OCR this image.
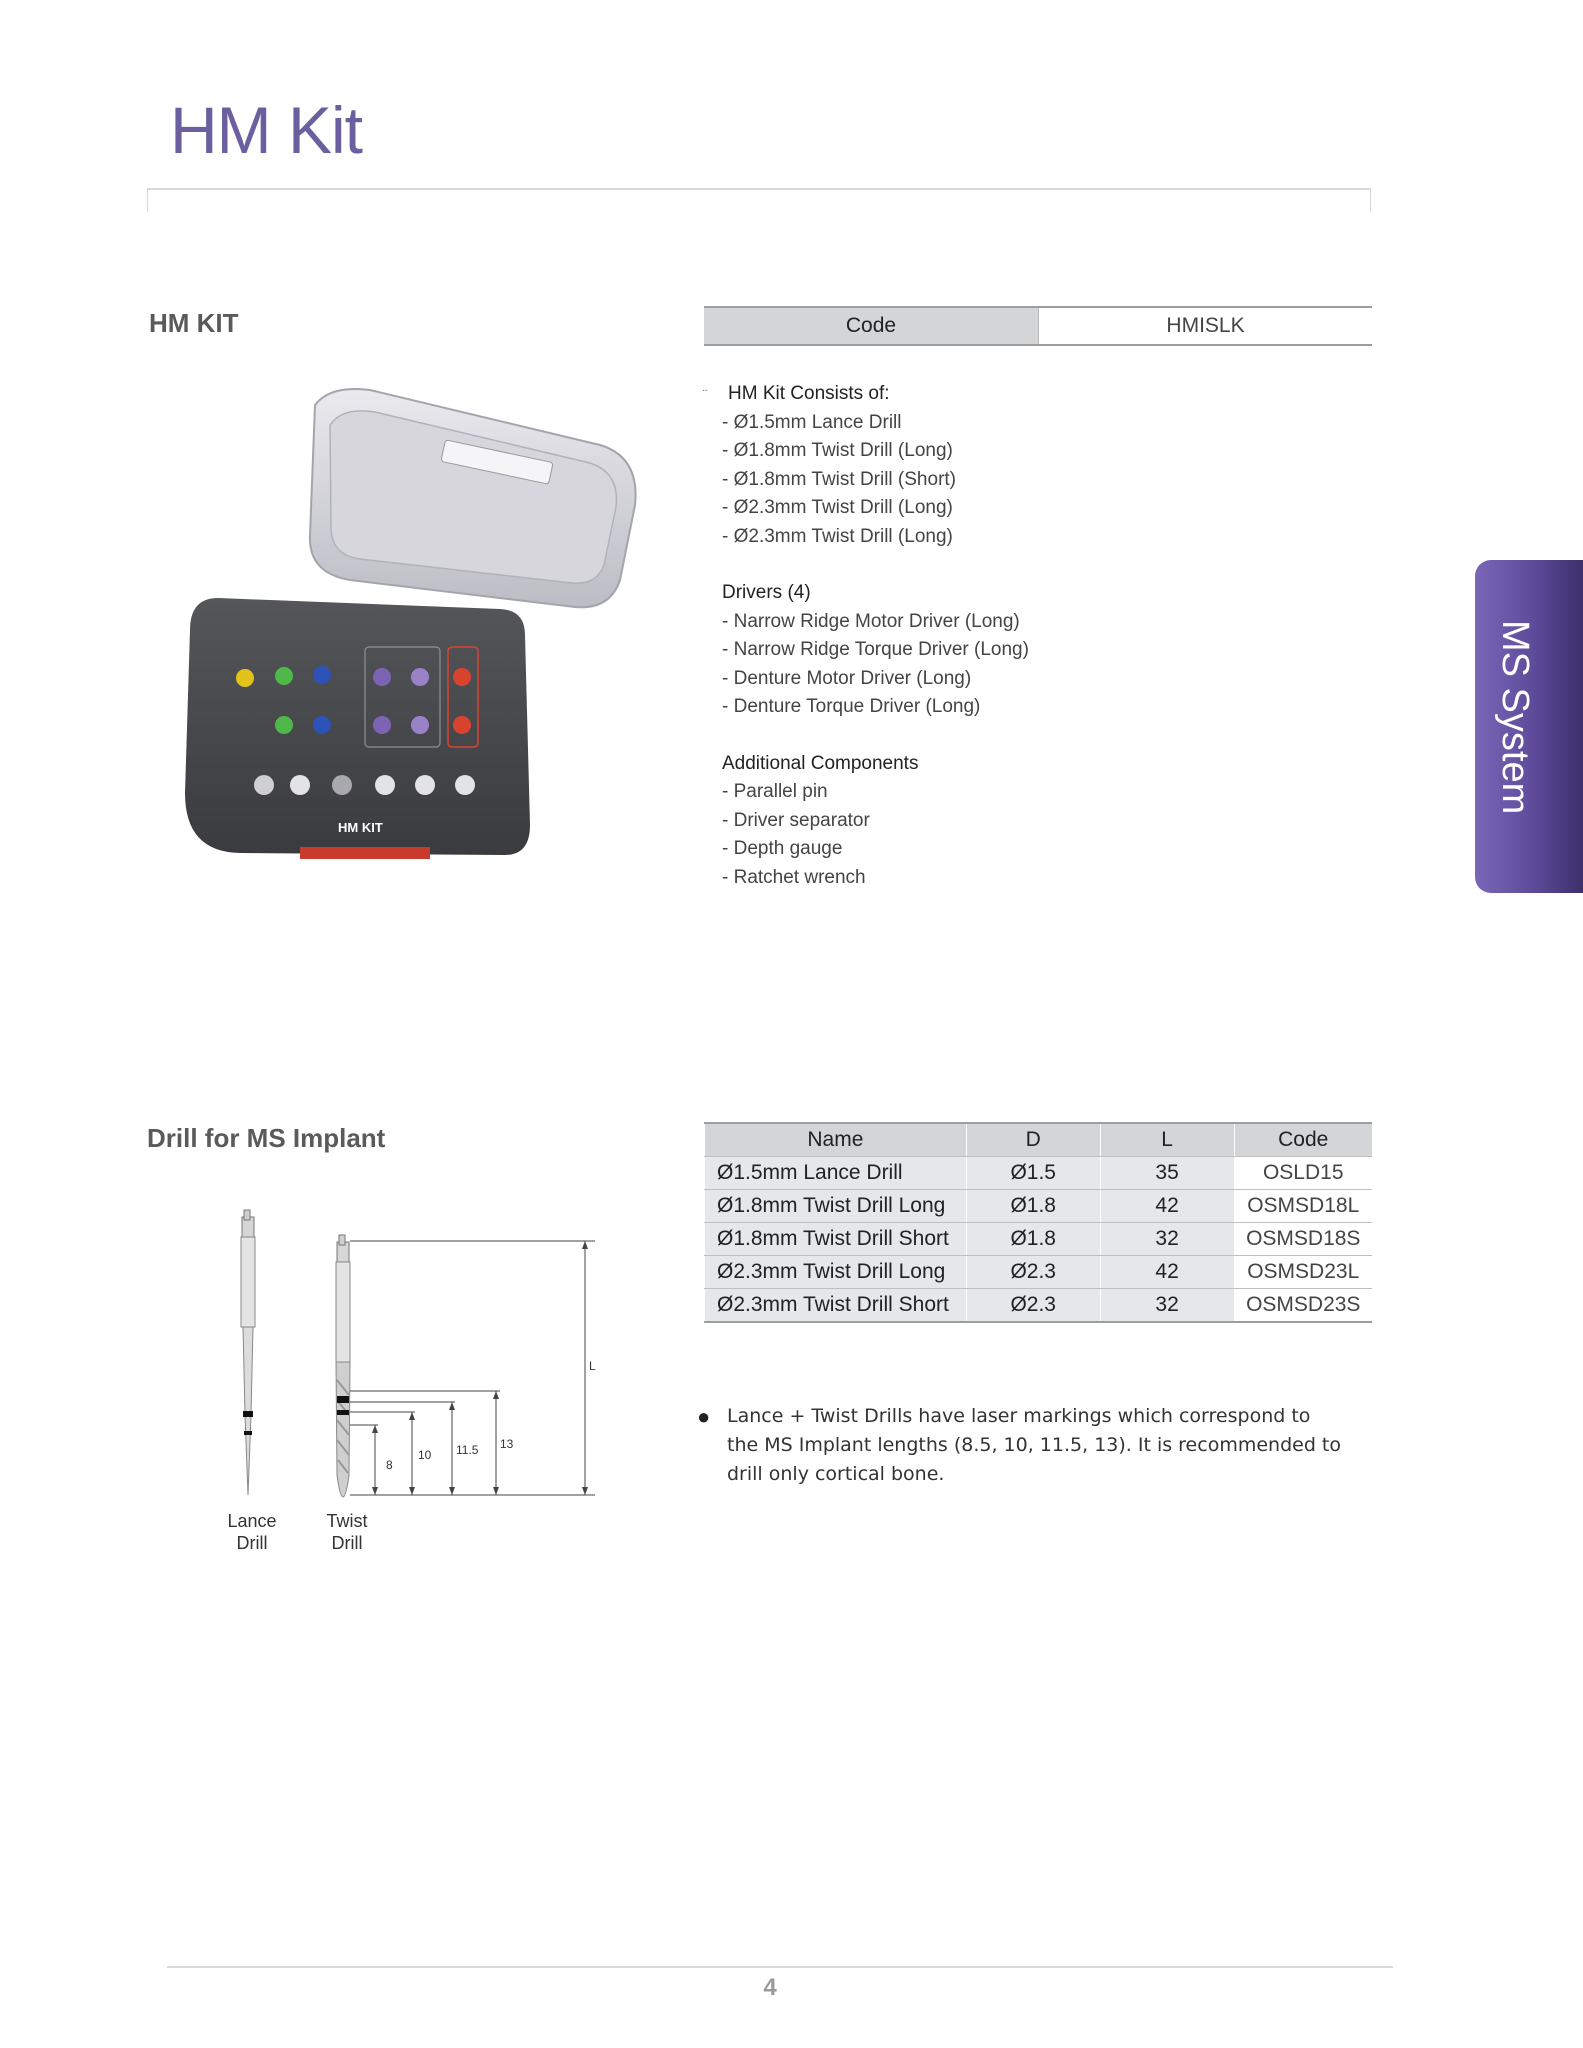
HM Kit
HM KIT	Code	HMISLK
¨	HM Kit Consists of:
- Ø1.5mm Lance Drill
- Ø1.8mm Twist Drill (Long)
- Ø1.8mm Twist Drill (Short)
- Ø2.3mm Twist Drill (Long)
- Ø2.3mm Twist Drill (Long)
Drivers (4)
- Narrow Ridge Motor Driver (Long)
- Narrow Ridge Torque Driver (Long)
- Denture Motor Driver (Long)
- Denture Torque Driver (Long)
Additional Components
- Parallel pin
- Driver separator
- Depth gauge
- Ratchet wrench
HM KIT
MS System
Drill for MS Implant	Name	D	L	Code
Ø1.5mm Lance Drill	Ø1.5	35	OSLD15
Ø1.8mm Twist Drill Long	Ø1.8	42	OSMSD18L
Ø1.8mm Twist Drill Short	Ø1.8	32	OSMSD18S
Ø2.3mm Twist Drill Long	Ø2.3	42	OSMSD23L
Ø2.3mm Twist Drill Short	Ø2.3	32	OSMSD23S
● Lance + Twist Drills have laser markings which correspond to the MS Implant lengths (8.5, 10, 11.5, 13). It is recommended to drill only cortical bone.
L
13
11.5
10
8
Lance
Drill
Twist
Drill
4
